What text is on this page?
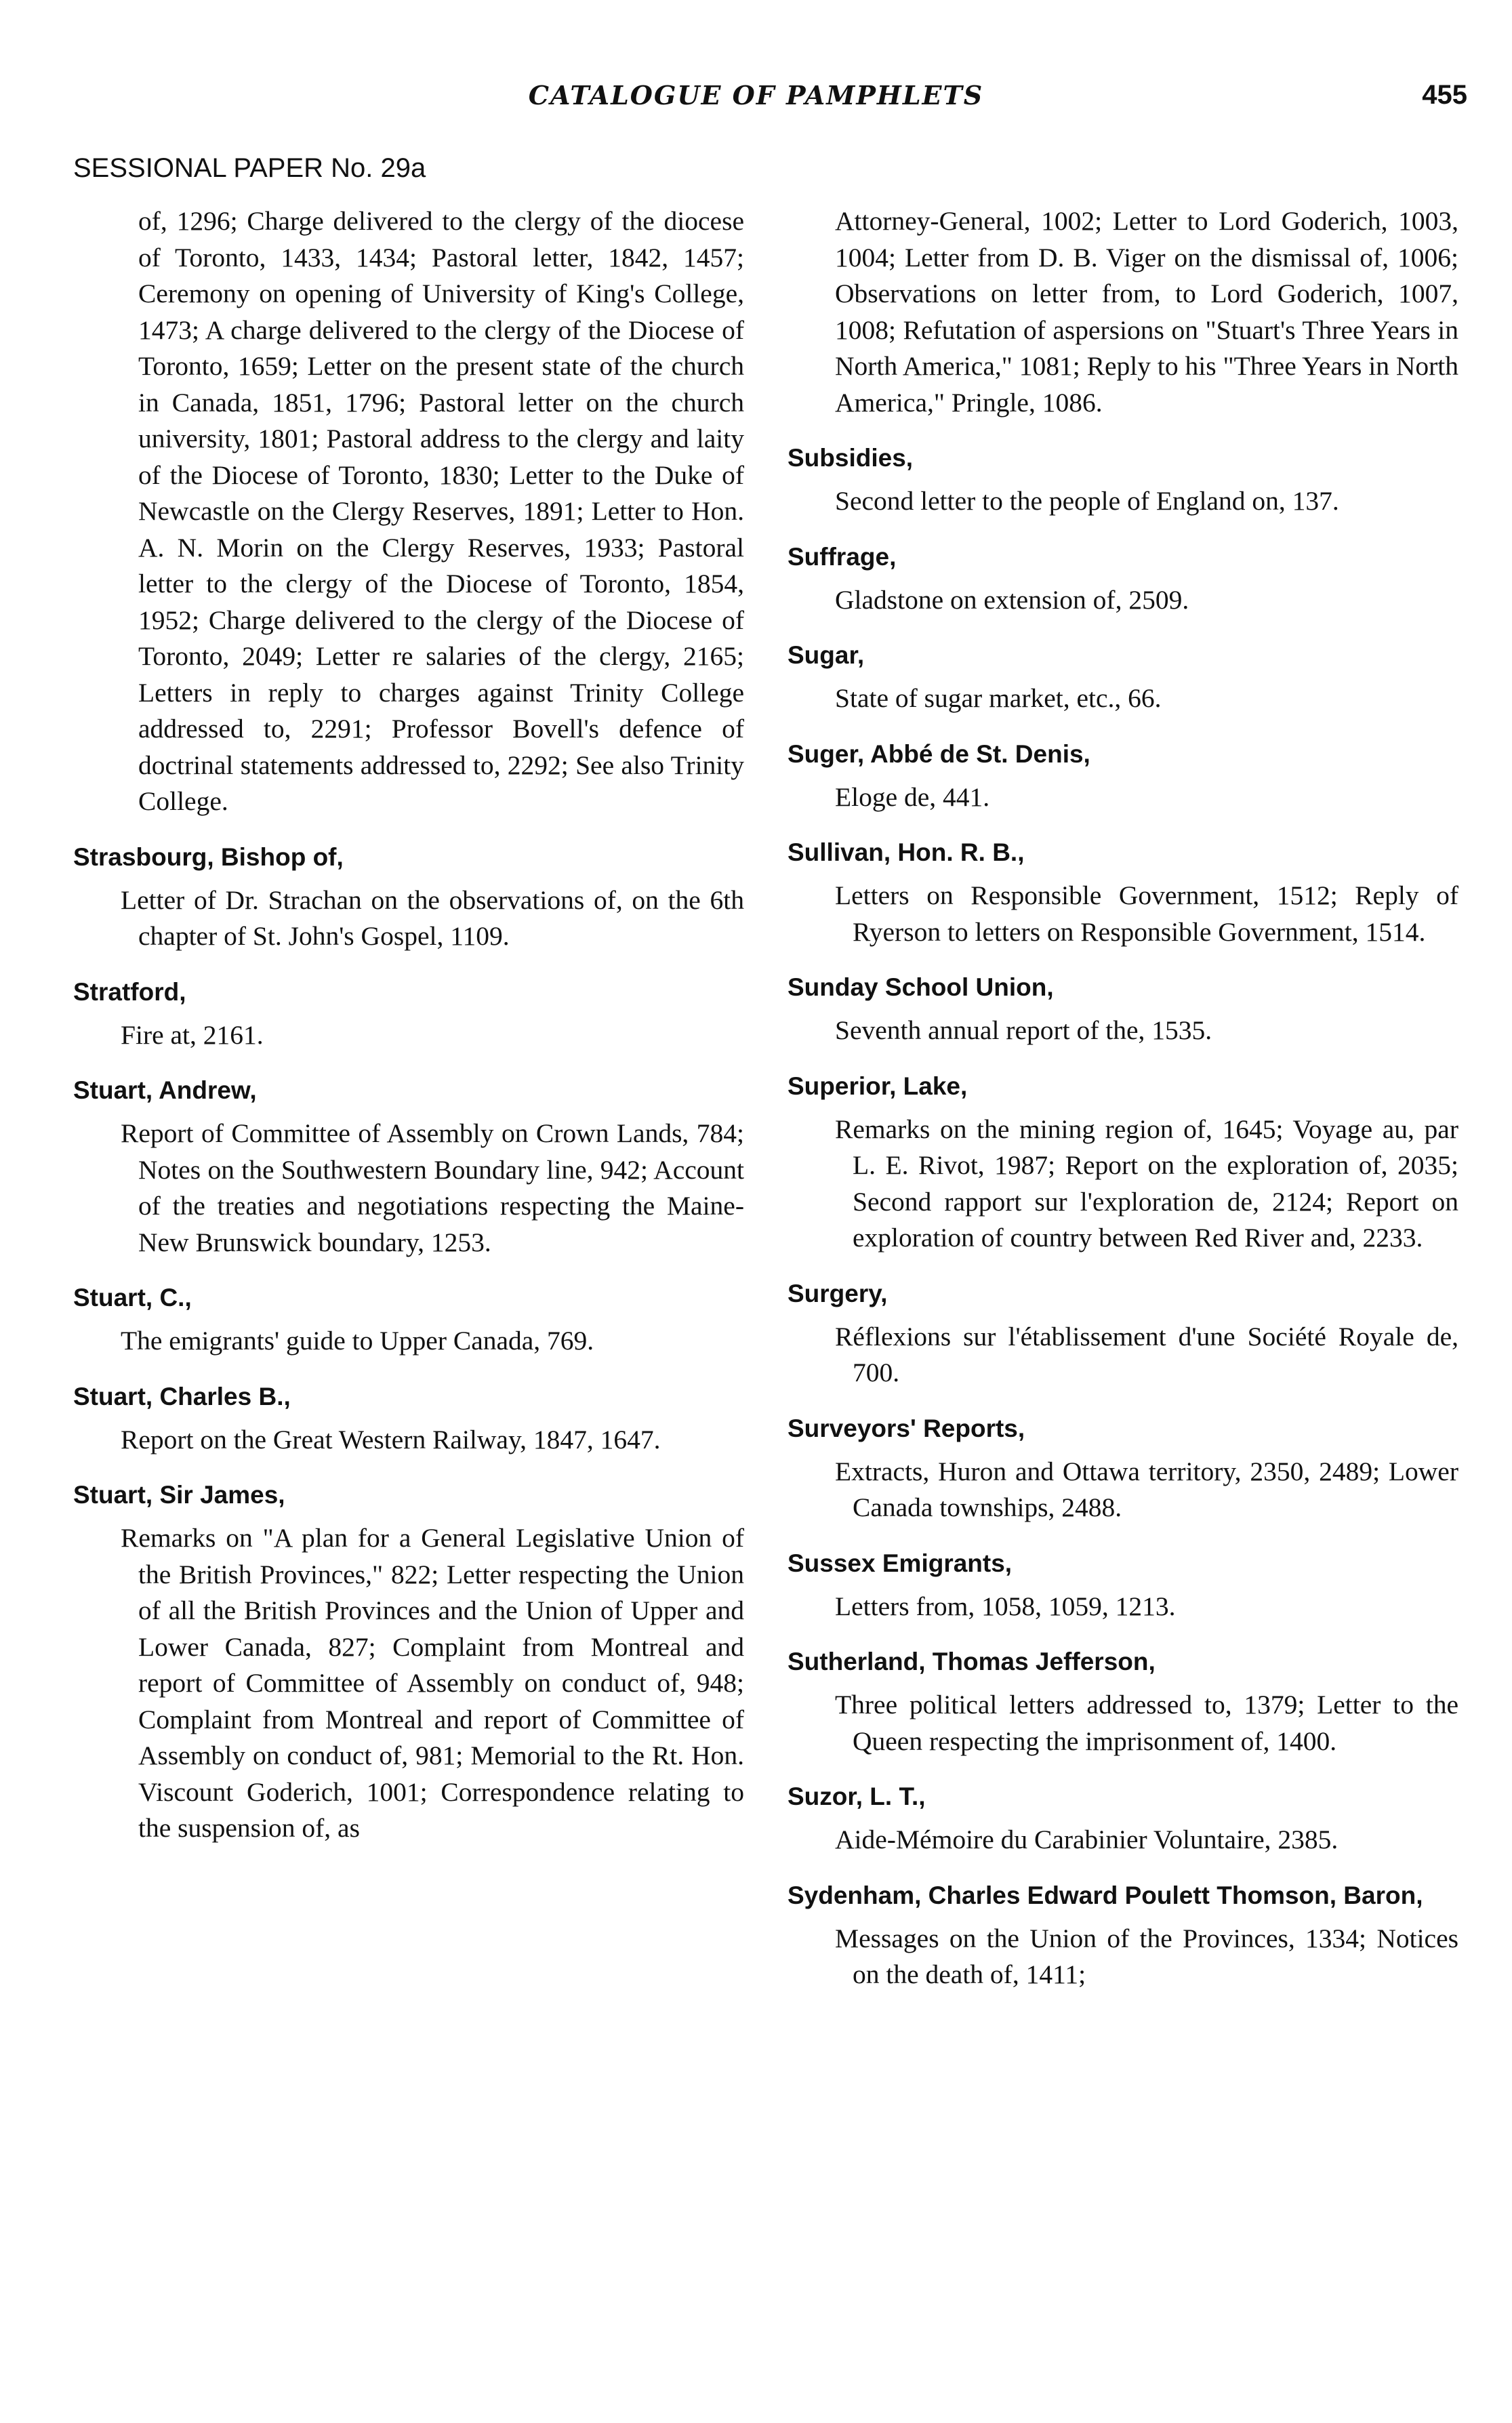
CATALOGUE OF PAMPHLETS	455
SESSIONAL PAPER No. 29a
of, 1296; Charge delivered to the clergy of the diocese of Toronto, 1433, 1434; Pastoral letter, 1842, 1457; Ceremony on opening of University of King's College, 1473; A charge delivered to the clergy of the Diocese of Toronto, 1659; Letter on the present state of the church in Canada, 1851, 1796; Pastoral letter on the church university, 1801; Pastoral address to the clergy and laity of the Diocese of Toronto, 1830; Letter to the Duke of Newcastle on the Clergy Reserves, 1891; Letter to Hon. A. N. Morin on the Clergy Reserves, 1933; Pastoral letter to the clergy of the Diocese of Toronto, 1854, 1952; Charge delivered to the clergy of the Diocese of Toronto, 2049; Letter re salaries of the clergy, 2165; Letters in reply to charges against Trinity College addressed to, 2291; Professor Bovell's defence of doctrinal statements addressed to, 2292; See also Trinity College.
Strasbourg, Bishop of,
Letter of Dr. Strachan on the observations of, on the 6th chapter of St. John's Gospel, 1109.
Stratford,
Fire at, 2161.
Stuart, Andrew,
Report of Committee of Assembly on Crown Lands, 784; Notes on the Southwestern Boundary line, 942; Account of the treaties and negotiations respecting the Maine-New Brunswick boundary, 1253.
Stuart, C.,
The emigrants' guide to Upper Canada, 769.
Stuart, Charles B.,
Report on the Great Western Railway, 1847, 1647.
Stuart, Sir James,
Remarks on "A plan for a General Legislative Union of the British Provinces," 822; Letter respecting the Union of all the British Provinces and the Union of Upper and Lower Canada, 827; Complaint from Montreal and report of Committee of Assembly on conduct of, 948; Complaint from Montreal and report of Committee of Assembly on conduct of, 981; Memorial to the Rt. Hon. Viscount Goderich, 1001; Correspondence relating to the suspension of, as
Attorney-General, 1002; Letter to Lord Goderich, 1003, 1004; Letter from D. B. Viger on the dismissal of, 1006; Observations on letter from, to Lord Goderich, 1007, 1008; Refutation of aspersions on "Stuart's Three Years in North America," 1081; Reply to his "Three Years in North America," Pringle, 1086.
Subsidies,
Second letter to the people of England on, 137.
Suffrage,
Gladstone on extension of, 2509.
Sugar,
State of sugar market, etc., 66.
Suger, Abbé de St. Denis,
Eloge de, 441.
Sullivan, Hon. R. B.,
Letters on Responsible Government, 1512; Reply of Ryerson to letters on Responsible Government, 1514.
Sunday School Union,
Seventh annual report of the, 1535.
Superior, Lake,
Remarks on the mining region of, 1645; Voyage au, par L. E. Rivot, 1987; Report on the exploration of, 2035; Second rapport sur l'exploration de, 2124; Report on exploration of country between Red River and, 2233.
Surgery,
Réflexions sur l'établissement d'une Société Royale de, 700.
Surveyors' Reports,
Extracts, Huron and Ottawa territory, 2350, 2489; Lower Canada townships, 2488.
Sussex Emigrants,
Letters from, 1058, 1059, 1213.
Sutherland, Thomas Jefferson,
Three political letters addressed to, 1379; Letter to the Queen respecting the imprisonment of, 1400.
Suzor, L. T.,
Aide-Mémoire du Carabinier Voluntaire, 2385.
Sydenham, Charles Edward Poulett Thomson, Baron,
Messages on the Union of the Provinces, 1334; Notices on the death of, 1411;
